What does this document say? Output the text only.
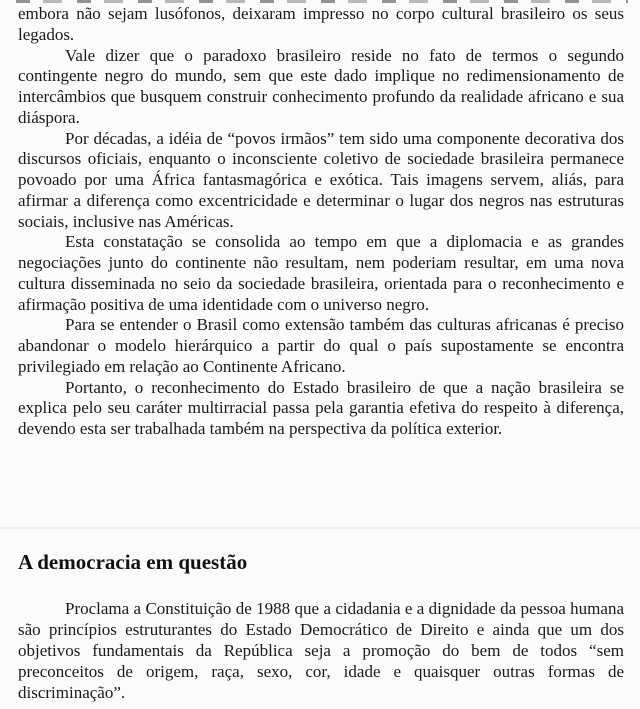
embora não sejam lusófonos, deixaram impresso no corpo cultural brasileiro os seus legados.

Vale dizer que o paradoxo brasileiro reside no fato de termos o segundo contingente negro do mundo, sem que este dado implique no redimensionamento de intercâmbios que busquem construir conhecimento profundo da realidade africano e sua diáspora.

Por décadas, a idéia de “povos irmãos” tem sido uma componente decorativa dos discursos oficiais, enquanto o inconsciente coletivo de sociedade brasileira permanece povoado por uma África fantasmagórica e exótica. Tais imagens servem, aliás, para afirmar a diferença como excentricidade e determinar o lugar dos negros nas estruturas sociais, inclusive nas Américas.

Esta constatação se consolida ao tempo em que a diplomacia e as grandes negociações junto do continente não resultam, nem poderiam resultar, em uma nova cultura disseminada no seio da sociedade brasileira, orientada para o reconhecimento e afirmação positiva de uma identidade com o universo negro.

Para se entender o Brasil como extensão também das culturas africanas é preciso abandonar o modelo hierárquico a partir do qual o país supostamente se encontra privilegiado em relação ao Continente Africano.

Portanto, o reconhecimento do Estado brasileiro de que a nação brasileira se explica pelo seu caráter multirracial passa pela garantia efetiva do respeito à diferença, devendo esta ser trabalhada também na perspectiva da política exterior.

A democracia em questão

Proclama a Constituição de 1988 que a cidadania e a dignidade da pessoa humana são princípios estruturantes do Estado Democrático de Direito e ainda que um dos objetivos fundamentais da República seja a promoção do bem de todos “sem preconceitos de origem, raça, sexo, cor, idade e quaisquer outras formas de discriminação”.
